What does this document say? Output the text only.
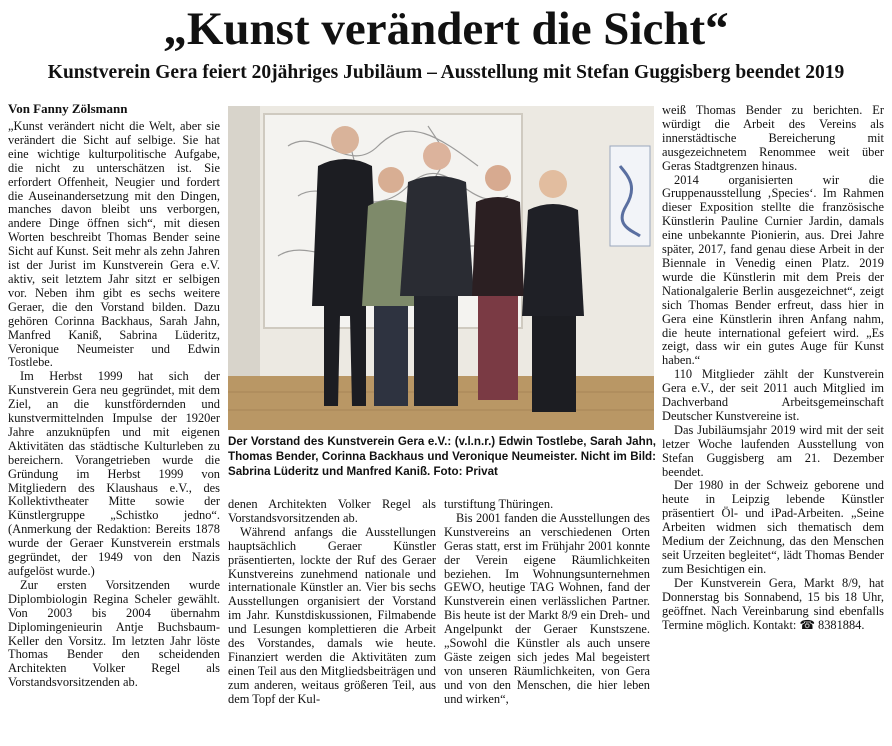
„Kunst verändert die Sicht“
Kunstverein Gera feiert 20jähriges Jubiläum – Ausstellung mit Stefan Guggisberg beendet 2019
Von Fanny Zölsmann

„Kunst verändert nicht die Welt, aber sie verändert die Sicht auf selbige. Sie hat eine wichtige kulturpolitische Aufgabe, die nicht zu unterschätzen ist. Sie erfordert Offenheit, Neugier und fordert die Auseinandersetzung mit den Dingen, manches davon bleibt uns verborgen, andere Dinge öffnen sich“, mit diesen Worten beschreibt Thomas Bender seine Sicht auf Kunst. Seit mehr als zehn Jahren ist der Jurist im Kunstverein Gera e.V. aktiv, seit letztem Jahr sitzt er selbigen vor. Neben ihm gibt es sechs weitere Geraer, die den Vorstand bilden. Dazu gehören Corinna Backhaus, Sarah Jahn, Manfred Kaniß, Sabrina Lüderitz, Veronique Neumeister und Edwin Tostlebe.

Im Herbst 1999 hat sich der Kunstverein Gera neu gegründet, mit dem Ziel, an die kunstfördernden und kunstvermittelnden Impulse der 1920er Jahre anzuknüpfen und mit eigenen Aktivitäten das städtische Kulturleben zu bereichern. Vorangetrieben wurde die Gründung im Herbst 1999 von Mitgliedern des Klaushaus e.V., des Kollektivtheater Mitte sowie der Künstlergruppe „Schistko jedno“. (Anmerkung der Redaktion: Bereits 1878 wurde der Geraer Kunstverein erstmals gegründet, der 1949 von den Nazis aufgelöst wurde.)

Zur ersten Vorsitzenden wurde Diplombiologin Regina Scheler gewählt. Von 2003 bis 2004 übernahm Diplomingenieurin Antje Buchsbaum-Keller den Vorsitz. Im letzten Jahr löste Thomas Bender den scheidenden Architekten Volker Regel als Vorstandsvorsitzenden ab.

Der Vorstand des Kunstverein Gera e.V.: (v.l.n.r.) Edwin Tostlebe, Sarah Jahn, Thomas Bender, Corinna Backhaus und Veronique Neumeister. Nicht im Bild: Sabrina Lüderitz und Manfred Kaniß. Foto: Privat

denen Architekten Volker Regel als Vorstandsvorsitzenden ab.

Während anfangs die Ausstellungen hauptsächlich Geraer Künstler präsentierten, lockte der Ruf des Geraer Kunstvereins zunehmend nationale und internationale Künstler an. Vier bis sechs Ausstellungen organisiert der Vorstand im Jahr. Kunstdiskussionen, Filmabende und Lesungen komplettieren die Arbeit des Vorstandes, damals wie heute. Finanziert werden die Aktivitäten zum einen Teil aus den Mitgliedsbeiträgen und zum anderen, weitaus größeren Teil, aus dem Topf der Kul-

turstiftung Thüringen.

Bis 2001 fanden die Ausstellungen des Kunstvereins an verschiedenen Orten Geras statt, erst im Frühjahr 2001 konnte der Verein eigene Räumlichkeiten beziehen. Im Wohnungsunternehmen GEWO, heutige TAG Wohnen, fand der Kunstverein einen verlässlichen Partner. Bis heute ist der Markt 8/9 ein Dreh- und Angelpunkt der Geraer Kunstszene. „Sowohl die Künstler als auch unsere Gäste zeigen sich jedes Mal begeistert von unseren Räumlichkeiten, von Gera und von den Menschen, die hier leben und wirken“,

weiß Thomas Bender zu berichten. Er würdigt die Arbeit des Vereins als innerstädtische Bereicherung mit ausgezeichnetem Renommee weit über Geras Stadtgrenzen hinaus.

2014 organisierten wir die Gruppenausstellung ‚Species‘. Im Rahmen dieser Exposition stellte die französische Künstlerin Pauline Curnier Jardin, damals eine unbekannte Pionierin, aus. Drei Jahre später, 2017, fand genau diese Arbeit in der Biennale in Venedig einen Platz. 2019 wurde die Künstlerin mit dem Preis der Nationalgalerie Berlin ausgezeichnet“, zeigt sich Thomas Bender erfreut, dass hier in Gera eine Künstlerin ihren Anfang nahm, die heute international gefeiert wird. „Es zeigt, dass wir ein gutes Auge für Kunst haben.“

110 Mitglieder zählt der Kunstverein Gera e.V., der seit 2011 auch Mitglied im Dachverband Arbeitsgemeinschaft Deutscher Kunstvereine ist.

Das Jubiläumsjahr 2019 wird mit der seit letzer Woche laufenden Ausstellung von Stefan Guggisberg am 21. Dezember beendet.

Der 1980 in der Schweiz geborene und heute in Leipzig lebende Künstler präsentiert Öl- und iPad-Arbeiten. „Seine Arbeiten widmen sich thematisch dem Medium der Zeichnung, das den Menschen seit Urzeiten begleitet“, lädt Thomas Bender zum Besichtigen ein.

Der Kunstverein Gera, Markt 8/9, hat Donnerstag bis Sonnabend, 15 bis 18 Uhr, geöffnet. Nach Vereinbarung sind ebenfalls Termine möglich. Kontakt: ☎ 8381884.
